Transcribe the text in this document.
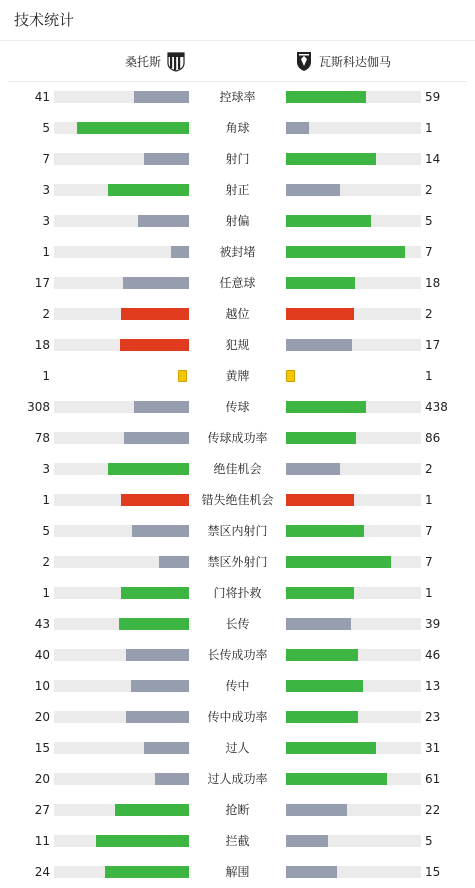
技术统计
桑托斯	瓦斯科达伽马
41	控球率	59
5	角球	1
7	射门	14
3	射正	2
3	射偏	5
1	被封堵	7
17	任意球	18
2	越位	2
18	犯规	17
1	黄牌	1
308	传球	438
78	传球成功率	86
3	绝佳机会	2
1	错失绝佳机会	1
5	禁区内射门	7
2	禁区外射门	7
1	门将扑救	1
43	长传	39
40	长传成功率	46
10	传中	13
20	传中成功率	23
15	过人	31
20	过人成功率	61
27	抢断	22
11	拦截	5
24	解围	15
